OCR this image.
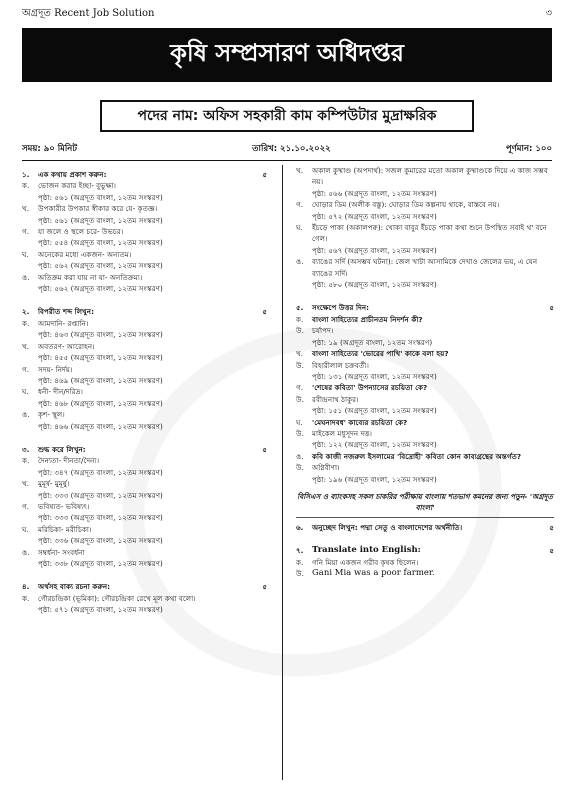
অগ্রদূত Recent Job Solution	৩
কৃষি সম্প্রসারণ অধিদপ্তর
পদের নাম: অফিস সহকারী কাম কম্পিউটার মুদ্রাক্ষরিক
সময়: ৯০ মিনিট	তারিখ: ২১.১০.২০২২	পূর্ণমান: ১০০
১.	এক কথায় প্রকাশ করুন:	৫
ক.	ভোজন করার ইচ্ছা- বুভুক্ষা।
পৃষ্ঠা: ৫৬১ (অগ্রদূত বাংলা, ১২তম সংস্করণ)
খ.	উপকারীর উপকার স্বীকার করে যে- কৃতজ্ঞ।
পৃষ্ঠা: ৫৬১ (অগ্রদূত বাংলা, ১২তম সংস্করণ)
গ.	যা জলে ও স্থলে চরে- উভচর।
পৃষ্ঠা: ৫৫৪ (অগ্রদূত বাংলা, ১২তম সংস্করণ)
ঘ.	অনেকের মধ্যে একজন- অন্যতম।
পৃষ্ঠা: ৫৬২ (অগ্রদূত বাংলা, ১২তম সংস্করণ)
ঙ.	অতিক্রম করা যায় না যা- অনতিক্রম্য।
পৃষ্ঠা: ৫৬২ (অগ্রদূত বাংলা, ১২তম সংস্করণ)
২.	বিপরীত শব্দ লিখুন:	৫
ক.	আমদানি- রপ্তানি।
পৃষ্ঠা: ৪৬৩ (অগ্রদূত বাংলা, ১২তম সংস্করণ)
খ.	অবতরণ- আরোহন।
পৃষ্ঠা: ৪৫৫ (অগ্রদূত বাংলা, ১২তম সংস্করণ)
গ.	সদয়- নির্দয়।
পৃষ্ঠা: ৪৬৯ (অগ্রদূত বাংলা, ১২তম সংস্করণ)
ঘ.	ধনী- দীন/দরিদ্র।
পৃষ্ঠা: ৪৬৮ (অগ্রদূত বাংলা, ১২তম সংস্করণ)
ঙ.	কৃশ- স্থূল।
পৃষ্ঠা: ৪৬৬ (অগ্রদূত বাংলা, ১২তম সংস্করণ)
৩.	শুদ্ধ করে লিখুন:	৫
ক.	দৈন্যতা- দীনতা/দৈন্য।
পৃষ্ঠা: ৩৪৭ (অগ্রদূত বাংলা, ১২তম সংস্করণ)
খ.	মুমূর্ষ- মুমূর্ষু।
পৃষ্ঠা: ৩৩৩ (অগ্রদূত বাংলা, ১২তম সংস্করণ)
গ.	ভবিষ্যত- ভবিষ্যৎ।
পৃষ্ঠা: ৩৩৩ (অগ্রদূত বাংলা, ১২তম সংস্করণ)
ঘ.	মরিচিকা- মরীচিকা।
পৃষ্ঠা: ৩৩৬ (অগ্রদূত বাংলা, ১২তম সংস্করণ)
ঙ.	সম্বর্ধনা- সংবর্ধনা
পৃষ্ঠা: ৩৩৮ (অগ্রদূত বাংলা, ১২তম সংস্করণ)
৪.	অর্থসহ বাক্য রচনা করুন:	৫
ক.	গৌরচন্দ্রিকা (ভূমিকা): গৌরচন্দ্রিকা রেখে মূল কথা বলো।
পৃষ্ঠা: ৫৭১ (অগ্রদূত বাংলা, ১২তম সংস্করণ)
খ.	অকাল কুষ্মাণ্ড (অপদার্থ): সজল কুমারের মতো অকাল কুষ্মাণ্ডকে দিয়ে এ কাজ সম্ভব নয়।
পৃষ্ঠা: ৫৬৬ (অগ্রদূত বাংলা, ১২তম সংস্করণ)
গ.	ঘোড়ার ডিম (অলীক বস্তু): ঘোড়ার ডিম কল্পনায় থাকে, বাস্তবে নয়।
পৃষ্ঠা: ৫৭২ (অগ্রদূত বাংলা, ১২তম সংস্করণ)
ঘ.	ইঁচড়ে পাকা (অকালপক্ব): খোকা বাবুর ইঁচড়ে পাকা কথা শুনে উপস্থিত সবাই থ' বনে গেল।
পৃষ্ঠা: ৫৬৭ (অগ্রদূত বাংলা, ১২তম সংস্করণ)
ঙ.	ব্যাঙের সর্দি (অসম্ভব ঘটনা): জেল খাটা আসামিকে দেখাও জেলের ভয়, এ যেন ব্যাঙের সর্দি।
পৃষ্ঠা: ৫৮০ (অগ্রদূত বাংলা, ১২তম সংস্করণ)
৫.	সংক্ষেপে উত্তর দিন:	৫
ক.	বাংলা সাহিত্যের প্রাচীনতম নিদর্শন কী?
উ.	চর্যাপদ।
পৃষ্ঠা: ১৯ (অগ্রদূত বাংলা, ১২তম সংস্করণ)
খ.	বাংলা সাহিত্যের 'ভোরের পাখি' কাকে বলা হয়?
উ.	বিহারীলাল চক্রবর্তী।
পৃষ্ঠা: ১৩১ (অগ্রদূত বাংলা, ১২তম সংস্করণ)
গ.	'শেষের কবিতা' উপন্যাসের রচয়িতা কে?
উ.	রবীন্দ্রনাথ ঠাকুর।
পৃষ্ঠা: ১৫১ (অগ্রদূত বাংলা, ১২তম সংস্করণ)
ঘ.	'মেঘনাদবধ' কাব্যের রচয়িতা কে?
উ.	মাইকেল মধুসূদন দত্ত।
পৃষ্ঠা: ১২২ (অগ্রদূত বাংলা, ১২তম সংস্করণ)
ঙ.	কবি কাজী নজরুল ইসলামের 'বিদ্রোহী' কবিতা কোন কাব্যগ্রন্থের অন্তর্গত?
উ.	অগ্নিবীণা।
পৃষ্ঠা: ১৯৬ (অগ্রদূত বাংলা, ১২তম সংস্করণ)
বিসিএস ও ব্যাংকসহ সকল চাকরির পরীক্ষায় বাংলায় শতভাগ কমনের জন্য পড়ুন- 'অগ্রদূত বাংলা'
৬.	অনুচ্ছেদ লিখুন: পদ্মা সেতু ও বাংলাদেশের অর্থনীতি।	৫
৭.	Translate into English:	৫
ক.	গনি মিয়া একজন গরীব কৃষক ছিলেন।
উ. Gani Mia was a poor farmer.
